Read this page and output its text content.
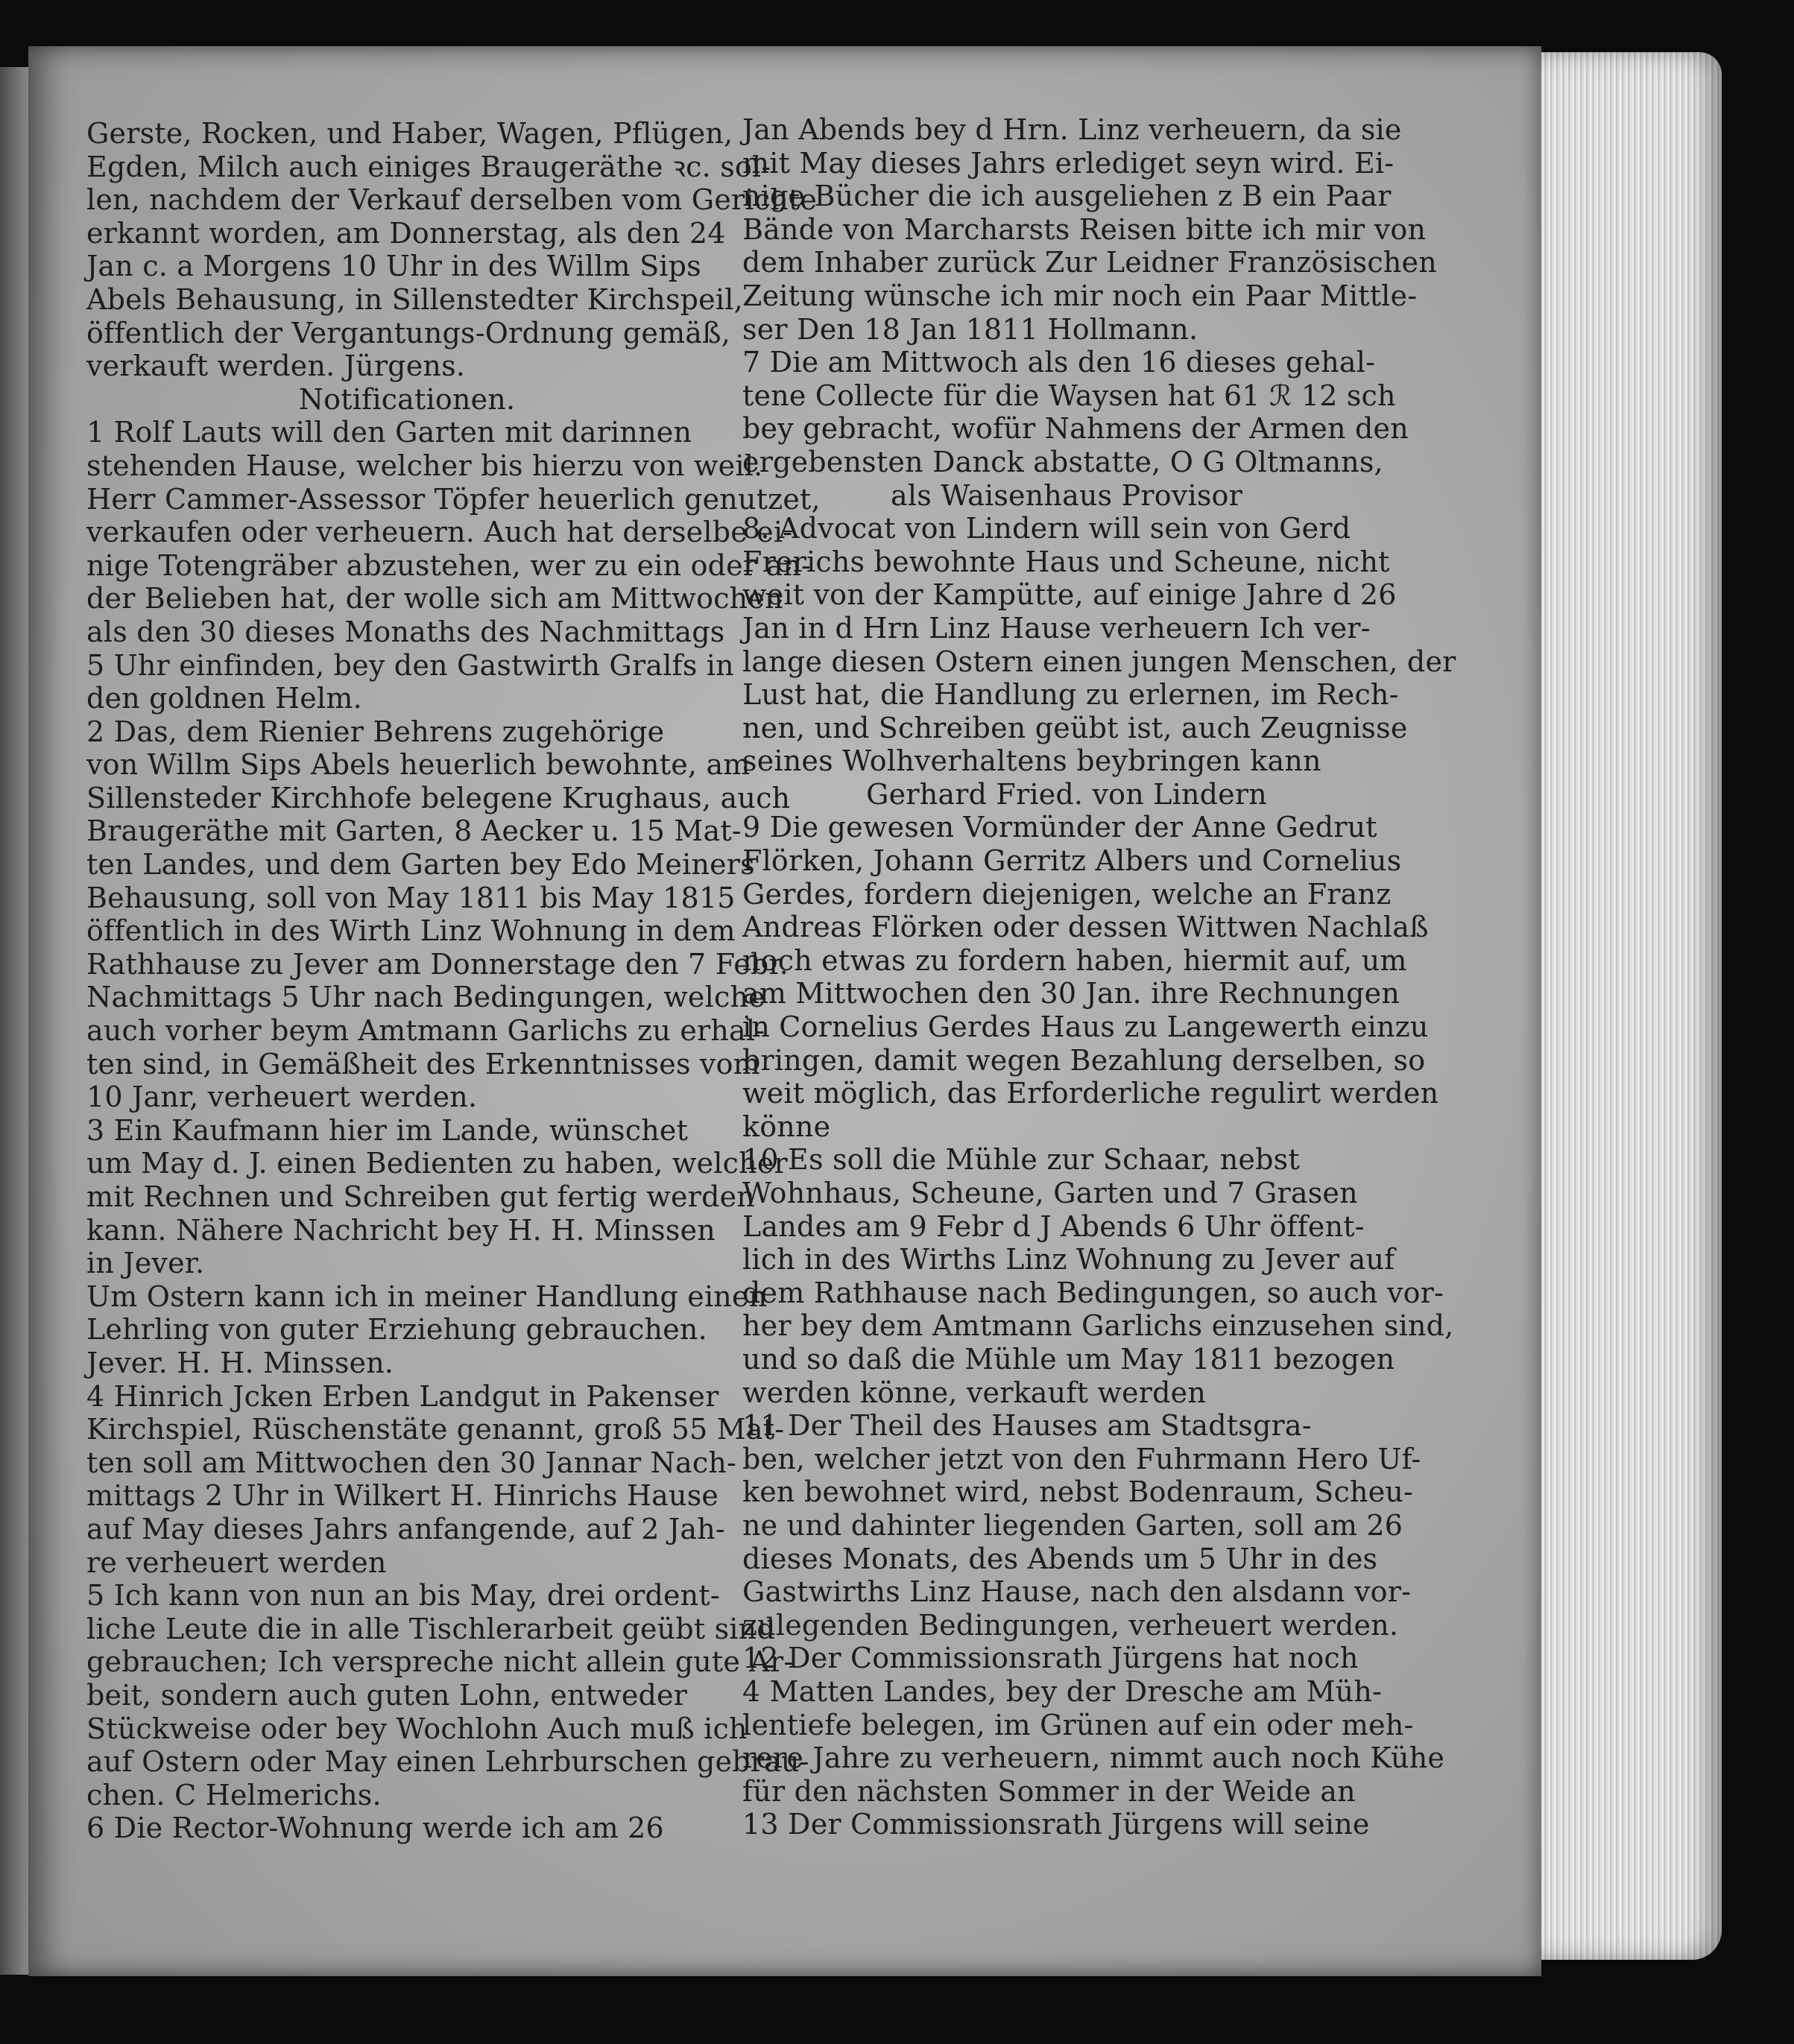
Gerste, Rocken, und Haber, Wagen, Pflügen,
Egden, Milch auch einiges Braugeräthe ꝛc. sol-
len, nachdem der Verkauf derselben vom Gerichte
erkannt worden, am Donnerstag, als den 24
Jan c. a Morgens 10 Uhr in des Willm Sips
Abels Behausung, in Sillenstedter Kirchspeil,
öffentlich der Vergantungs-Ordnung gemäß,
verkauft werden. Jürgens.
Notificationen.
1 Rolf Lauts will den Garten mit darinnen
stehenden Hause, welcher bis hierzu von weil.
Herr Cammer-Assessor Töpfer heuerlich genutzet,
verkaufen oder verheuern. Auch hat derselbe ei-
nige Totengräber abzustehen, wer zu ein oder an-
der Belieben hat, der wolle sich am Mittwochen
als den 30 dieses Monaths des Nachmittags
5 Uhr einfinden, bey den Gastwirth Gralfs in
den goldnen Helm.
2 Das, dem Rienier Behrens zugehörige
von Willm Sips Abels heuerlich bewohnte, am
Sillensteder Kirchhofe belegene Krughaus, auch
Braugeräthe mit Garten, 8 Aecker u. 15 Mat-
ten Landes, und dem Garten bey Edo Meiners
Behausung, soll von May 1811 bis May 1815
öffentlich in des Wirth Linz Wohnung in dem
Rathhause zu Jever am Donnerstage den 7 Febr.
Nachmittags 5 Uhr nach Bedingungen, welche
auch vorher beym Amtmann Garlichs zu erhal-
ten sind, in Gemäßheit des Erkenntnisses vom
10 Janr, verheuert werden.
3 Ein Kaufmann hier im Lande, wünschet
um May d. J. einen Bedienten zu haben, welcher
mit Rechnen und Schreiben gut fertig werden
kann. Nähere Nachricht bey H. H. Minssen
in Jever.
Um Ostern kann ich in meiner Handlung einen
Lehrling von guter Erziehung gebrauchen.
Jever. H. H. Minssen.
4 Hinrich Jcken Erben Landgut in Pakenser
Kirchspiel, Rüschenstäte genannt, groß 55 Mat-
ten soll am Mittwochen den 30 Jannar Nach-
mittags 2 Uhr in Wilkert H. Hinrichs Hause
auf May dieses Jahrs anfangende, auf 2 Jah-
re verheuert werden
5 Ich kann von nun an bis May, drei ordent-
liche Leute die in alle Tischlerarbeit geübt sind
gebrauchen; Ich verspreche nicht allein gute Ar-
beit, sondern auch guten Lohn, entweder
Stückweise oder bey Wochlohn Auch muß ich
auf Ostern oder May einen Lehrburschen gebrau-
chen. C Helmerichs.
6 Die Rector-Wohnung werde ich am 26
Jan Abends bey d Hrn. Linz verheuern, da sie
mit May dieses Jahrs erlediget seyn wird. Ei-
nige Bücher die ich ausgeliehen z B ein Paar
Bände von Marcharsts Reisen bitte ich mir von
dem Inhaber zurück Zur Leidner Französischen
Zeitung wünsche ich mir noch ein Paar Mittle-
ser Den 18 Jan 1811 Hollmann.
7 Die am Mittwoch als den 16 dieses gehal-
tene Collecte für die Waysen hat 61 ℛ 12 sch
bey gebracht, wofür Nahmens der Armen den
ergebensten Danck abstatte, O G Oltmanns,
als Waisenhaus Provisor
8. Advocat von Lindern will sein von Gerd
Frerichs bewohnte Haus und Scheune, nicht
weit von der Kampütte, auf einige Jahre d 26
Jan in d Hrn Linz Hause verheuern Ich ver-
lange diesen Ostern einen jungen Menschen, der
Lust hat, die Handlung zu erlernen, im Rech-
nen, und Schreiben geübt ist, auch Zeugnisse
seines Wolhverhaltens beybringen kann
Gerhard Fried. von Lindern
9 Die gewesen Vormünder der Anne Gedrut
Flörken, Johann Gerritz Albers und Cornelius
Gerdes, fordern diejenigen, welche an Franz
Andreas Flörken oder dessen Wittwen Nachlaß
noch etwas zu fordern haben, hiermit auf, um
am Mittwochen den 30 Jan. ihre Rechnungen
in Cornelius Gerdes Haus zu Langewerth einzu
bringen, damit wegen Bezahlung derselben, so
weit möglich, das Erforderliche regulirt werden
könne
10 Es soll die Mühle zur Schaar, nebst
Wohnhaus, Scheune, Garten und 7 Grasen
Landes am 9 Febr d J Abends 6 Uhr öffent-
lich in des Wirths Linz Wohnung zu Jever auf
dem Rathhause nach Bedingungen, so auch vor-
her bey dem Amtmann Garlichs einzusehen sind,
und so daß die Mühle um May 1811 bezogen
werden könne, verkauft werden
11 Der Theil des Hauses am Stadtsgra-
ben, welcher jetzt von den Fuhrmann Hero Uf-
ken bewohnet wird, nebst Bodenraum, Scheu-
ne und dahinter liegenden Garten, soll am 26
dieses Monats, des Abends um 5 Uhr in des
Gastwirths Linz Hause, nach den alsdann vor-
zulegenden Bedingungen, verheuert werden.
12 Der Commissionsrath Jürgens hat noch
4 Matten Landes, bey der Dresche am Müh-
lentiefe belegen, im Grünen auf ein oder meh-
rere Jahre zu verheuern, nimmt auch noch Kühe
für den nächsten Sommer in der Weide an
13 Der Commissionsrath Jürgens will seine
